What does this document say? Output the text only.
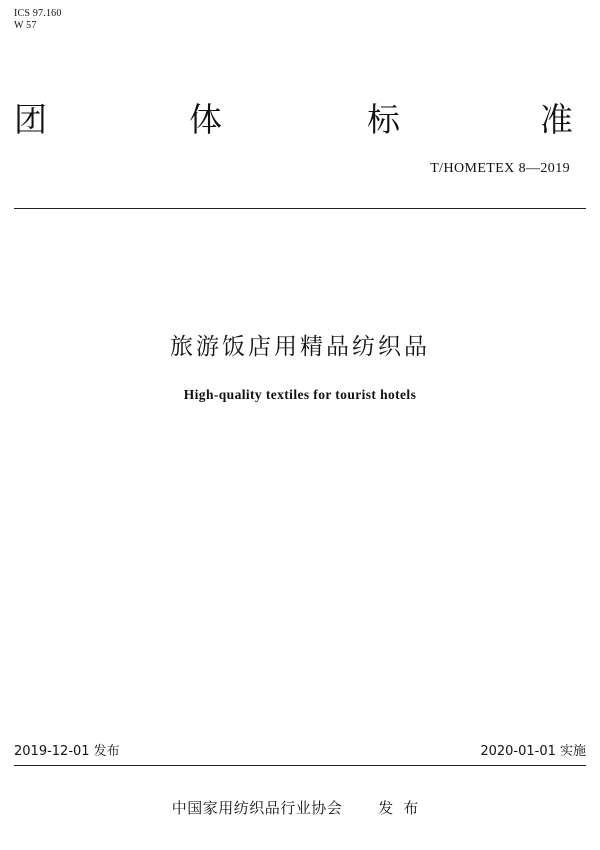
ICS 97.160
W 57
团	体	标	准
T/HOMETEX 8—2019
旅游饭店用精品纺织品
High-quality textiles for tourist hotels
2019-12-01 发布	2020-01-01 实施
中国家用纺织品行业协会 发布
